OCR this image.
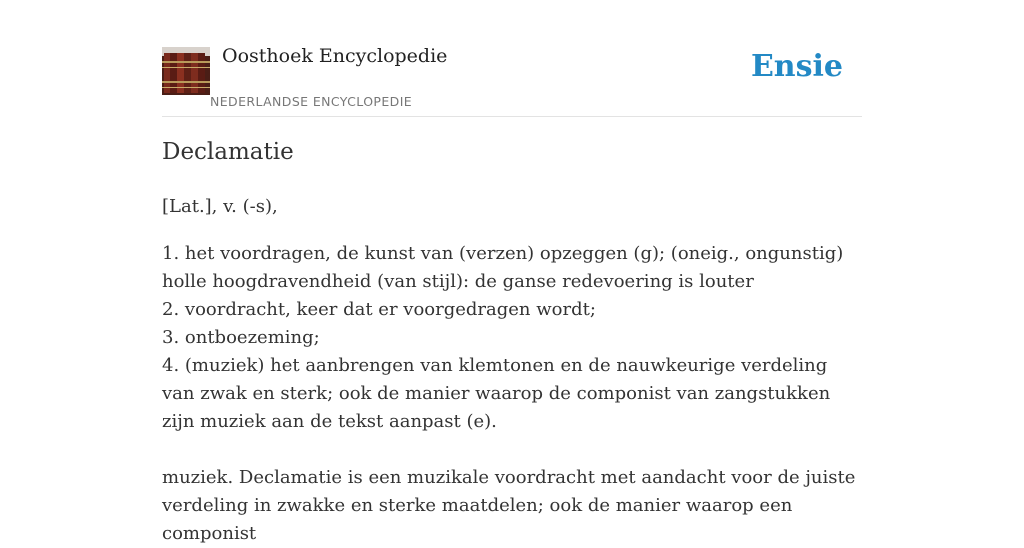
Oosthoek Encyclopedie
NEDERLANDSE ENCYCLOPEDIE
Ensie
Declamatie

[Lat.], v. (-s),

1. het voordragen, de kunst van (verzen) opzeggen (g); (oneig., ongunstig) holle hoogdravendheid (van stijl): de ganse redevoering is louter
2. voordracht, keer dat er voorgedragen wordt;
3. ontboezeming;
4. (muziek) het aanbrengen van klemtonen en de nauwkeurige verdeling van zwak en sterk; ook de manier waarop de componist van zangstukken zijn muziek aan de tekst aanpast (e).

muziek. Declamatie is een muzikale voordracht met aandacht voor de juiste verdeling in zwakke en sterke maatdelen; ook de manier waarop een componist
